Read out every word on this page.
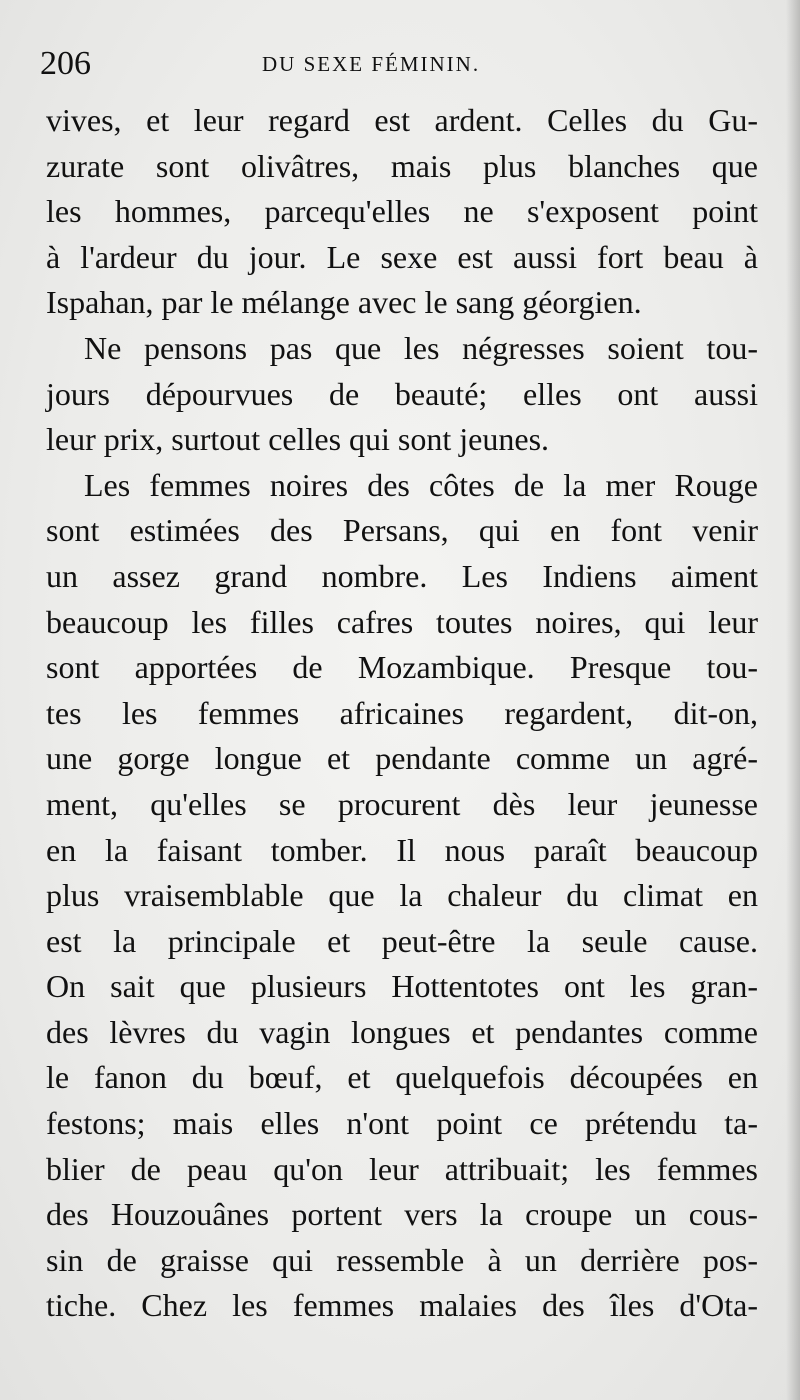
206	DU SEXE FÉMININ.
vives, et leur regard est ardent. Celles du Gu-
zurate sont olivâtres, mais plus blanches que
les hommes, parcequ'elles ne s'exposent point
à l'ardeur du jour. Le sexe est aussi fort beau à
Ispahan, par le mélange avec le sang géorgien.
Ne pensons pas que les négresses soient tou-
jours dépourvues de beauté; elles ont aussi
leur prix, surtout celles qui sont jeunes.
Les femmes noires des côtes de la mer Rouge
sont estimées des Persans, qui en font venir
un assez grand nombre. Les Indiens aiment
beaucoup les filles cafres toutes noires, qui leur
sont apportées de Mozambique. Presque tou-
tes les femmes africaines regardent, dit-on,
une gorge longue et pendante comme un agré-
ment, qu'elles se procurent dès leur jeunesse
en la faisant tomber. Il nous paraît beaucoup
plus vraisemblable que la chaleur du climat en
est la principale et peut-être la seule cause.
On sait que plusieurs Hottentotes ont les gran-
des lèvres du vagin longues et pendantes comme
le fanon du bœuf, et quelquefois découpées en
festons; mais elles n'ont point ce prétendu ta-
blier de peau qu'on leur attribuait; les femmes
des Houzouânes portent vers la croupe un cous-
sin de graisse qui ressemble à un derrière pos-
tiche. Chez les femmes malaies des îles d'Ota-
